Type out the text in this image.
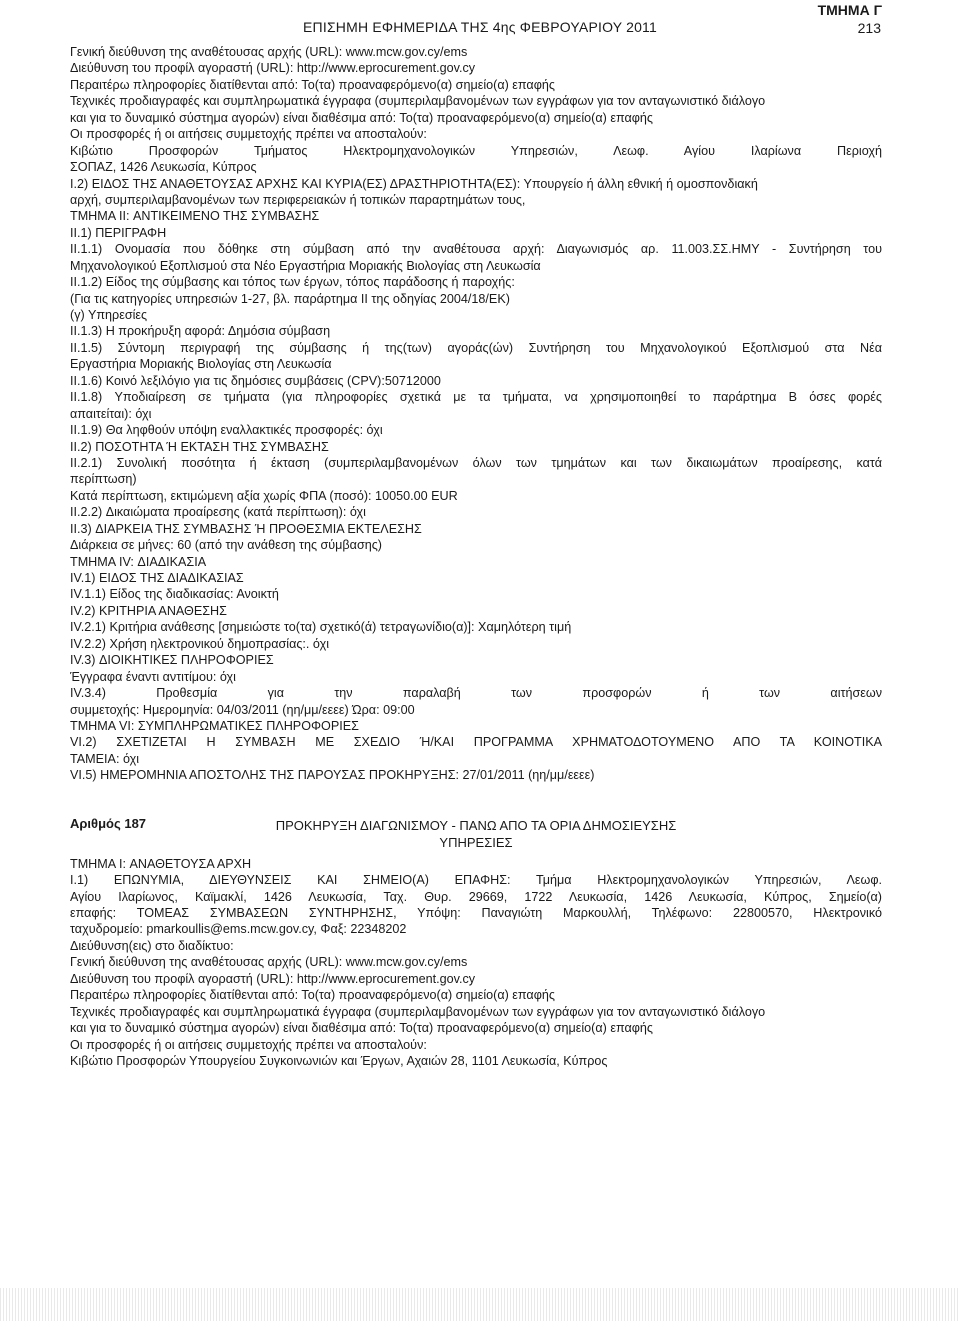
ΕΠΙΣΗΜΗ ΕΦΗΜΕΡΙΔΑ ΤΗΣ 4ης ΦΕΒΡΟΥΑΡΙΟΥ 2011
ΤΜΗΜΑ Γ
213
Γενική διεύθυνση της αναθέτουσας αρχής (URL): www.mcw.gov.cy/ems
Διεύθυνση του προφίλ αγοραστή (URL): http://www.eprocurement.gov.cy
Περαιτέρω πληροφορίες διατίθενται από: Το(τα) προαναφερόμενο(α) σημείο(α) επαφής
Τεχνικές προδιαγραφές και συμπληρωματικά έγγραφα (συμπεριλαμβανομένων των εγγράφων για τον ανταγωνιστικό διάλογο
και για το δυναμικό σύστημα αγορών) είναι διαθέσιμα από: Το(τα) προαναφερόμενο(α) σημείο(α) επαφής
Οι προσφορές ή οι αιτήσεις συμμετοχής πρέπει να αποσταλούν:
Κιβώτιο Προσφορών Τμήματος Ηλεκτρομηχανολογικών Υπηρεσιών, Λεωφ. Αγίου Ιλαρίωνα Περιοχή
ΣΟΠΑΖ, 1426 Λευκωσία, Κύπρος
I.2) ΕΙΔΟΣ ΤΗΣ ΑΝΑΘΕΤΟΥΣΑΣ ΑΡΧΗΣ ΚΑΙ ΚΥΡΙΑ(ΕΣ) ΔΡΑΣΤΗΡΙΟΤΗΤΑ(ΕΣ): Υπουργείο ή άλλη εθνική ή ομοσπονδιακή
αρχή, συμπεριλαμβανομένων των περιφερειακών ή τοπικών παραρτημάτων τους,
ΤΜΗΜΑ II: ΑΝΤΙΚΕΙΜΕΝΟ ΤΗΣ ΣΥΜΒΑΣΗΣ
II.1) ΠΕΡΙΓΡΑΦΗ
II.1.1) Ονομασία που δόθηκε στη σύμβαση από την αναθέτουσα αρχή: Διαγωνισμός αρ. 11.003.ΣΣ.ΗΜΥ - Συντήρηση του
Μηχανολογικού Εξοπλισμού στα Νέο Εργαστήρια Μοριακής Βιολογίας στη Λευκωσία
II.1.2) Είδος της σύμβασης και τόπος των έργων, τόπος παράδοσης ή παροχής:
(Για τις κατηγορίες υπηρεσιών 1-27, βλ. παράρτημα II της οδηγίας 2004/18/ΕΚ)
(γ) Υπηρεσίες
II.1.3) Η προκήρυξη αφορά: Δημόσια σύμβαση
II.1.5) Σύντομη περιγραφή της σύμβασης ή της(των) αγοράς(ών) Συντήρηση του Μηχανολογικού Εξοπλισμού στα Νέα
Εργαστήρια Μοριακής Βιολογίας στη Λευκωσία
II.1.6) Κοινό λεξιλόγιο για τις δημόσιες συμβάσεις (CPV):50712000
II.1.8) Υποδιαίρεση σε τμήματα (για πληροφορίες σχετικά με τα τμήματα, να χρησιμοποιηθεί το παράρτημα Β όσες φορές
απαιτείται): όχι
II.1.9) Θα ληφθούν υπόψη εναλλακτικές προσφορές: όχι
II.2) ΠΟΣΟΤΗΤΑ Ή ΕΚΤΑΣΗ ΤΗΣ ΣΥΜΒΑΣΗΣ
II.2.1) Συνολική ποσότητα ή έκταση (συμπεριλαμβανομένων όλων των τμημάτων και των δικαιωμάτων προαίρεσης, κατά
περίπτωση)
Κατά περίπτωση, εκτιμώμενη αξία χωρίς ΦΠΑ (ποσό): 10050.00 EUR
II.2.2) Δικαιώματα προαίρεσης (κατά περίπτωση): όχι
II.3) ΔΙΑΡΚΕΙΑ ΤΗΣ ΣΥΜΒΑΣΗΣ Ή ΠΡΟΘΕΣΜΙΑ ΕΚΤΕΛΕΣΗΣ
Διάρκεια σε μήνες: 60 (από την ανάθεση της σύμβασης)
ΤΜΗΜΑ IV: ΔΙΑΔΙΚΑΣΙΑ
IV.1) ΕΙΔΟΣ ΤΗΣ ΔΙΑΔΙΚΑΣΙΑΣ
IV.1.1) Είδος της διαδικασίας: Ανοικτή
IV.2) ΚΡΙΤΗΡΙΑ ΑΝΑΘΕΣΗΣ
IV.2.1) Κριτήρια ανάθεσης [σημειώστε το(τα) σχετικό(ά) τετραγωνίδιο(α)]: Χαμηλότερη τιμή
IV.2.2) Χρήση ηλεκτρονικού δημοπρασίας:. όχι
IV.3) ΔΙΟΙΚΗΤΙΚΕΣ ΠΛΗΡΟΦΟΡΙΕΣ
Έγγραφα έναντι αντιτίμου: όχι
IV.3.4) Προθεσμία για την παραλαβή των προσφορών ή των αιτήσεων
συμμετοχής: Ημερομηνία: 04/03/2011 (ηη/μμ/εεεε) Ώρα: 09:00
ΤΜΗΜΑ VI: ΣΥΜΠΛΗΡΩΜΑΤΙΚΕΣ ΠΛΗΡΟΦΟΡΙΕΣ
VI.2) ΣΧΕΤΙΖΕΤΑΙ Η ΣΥΜΒΑΣΗ ΜΕ ΣΧΕΔΙΟ Ή/ΚΑΙ ΠΡΟΓΡΑΜΜΑ ΧΡΗΜΑΤΟΔΟΤΟΥΜΕΝΟ ΑΠΟ ΤΑ ΚΟΙΝΟΤΙΚΑ
ΤΑΜΕΙΑ: όχι
VI.5) ΗΜΕΡΟΜΗΝΙΑ ΑΠΟΣΤΟΛΗΣ ΤΗΣ ΠΑΡΟΥΣΑΣ ΠΡΟΚΗΡΥΞΗΣ: 27/01/2011 (ηη/μμ/εεεε)
Αριθμός 187	ΠΡΟΚΗΡΥΞΗ ΔΙΑΓΩΝΙΣΜΟΥ - ΠΑΝΩ ΑΠΟ ΤΑ ΟΡΙΑ ΔΗΜΟΣΙΕΥΣΗΣ
ΥΠΗΡΕΣΙΕΣ
ΤΜΗΜΑ I: ΑΝΑΘΕΤΟΥΣΑ ΑΡΧΗ
I.1) ΕΠΩΝΥΜΙΑ, ΔΙΕΥΘΥΝΣΕΙΣ ΚΑΙ ΣΗΜΕΙΟ(Α) ΕΠΑΦΗΣ: Τμήμα Ηλεκτρομηχανολογικών Υπηρεσιών, Λεωφ.
Αγίου Ιλαρίωνος, Καϊμακλί, 1426 Λευκωσία, Ταχ. Θυρ. 29669, 1722 Λευκωσία, 1426 Λευκωσία, Κύπρος, Σημείο(α)
επαφής: ΤΟΜΕΑΣ ΣΥΜΒΑΣΕΩΝ ΣΥΝΤΗΡΗΣΗΣ, Υπόψη: Παναγιώτη Μαρκουλλή, Τηλέφωνο: 22800570, Ηλεκτρονικό
ταχυδρομείο: pmarkoullis@ems.mcw.gov.cy, Φαξ: 22348202
Διεύθυνση(εις) στο διαδίκτυο:
Γενική διεύθυνση της αναθέτουσας αρχής (URL): www.mcw.gov.cy/ems
Διεύθυνση του προφίλ αγοραστή (URL): http://www.eprocurement.gov.cy
Περαιτέρω πληροφορίες διατίθενται από: Το(τα) προαναφερόμενο(α) σημείο(α) επαφής
Τεχνικές προδιαγραφές και συμπληρωματικά έγγραφα (συμπεριλαμβανομένων των εγγράφων για τον ανταγωνιστικό διάλογο
και για το δυναμικό σύστημα αγορών) είναι διαθέσιμα από: Το(τα) προαναφερόμενο(α) σημείο(α) επαφής
Οι προσφορές ή οι αιτήσεις συμμετοχής πρέπει να αποσταλούν:
Κιβώτιο Προσφορών Υπουργείου Συγκοινωνιών και Έργων, Αχαιών 28, 1101 Λευκωσία, Κύπρος
